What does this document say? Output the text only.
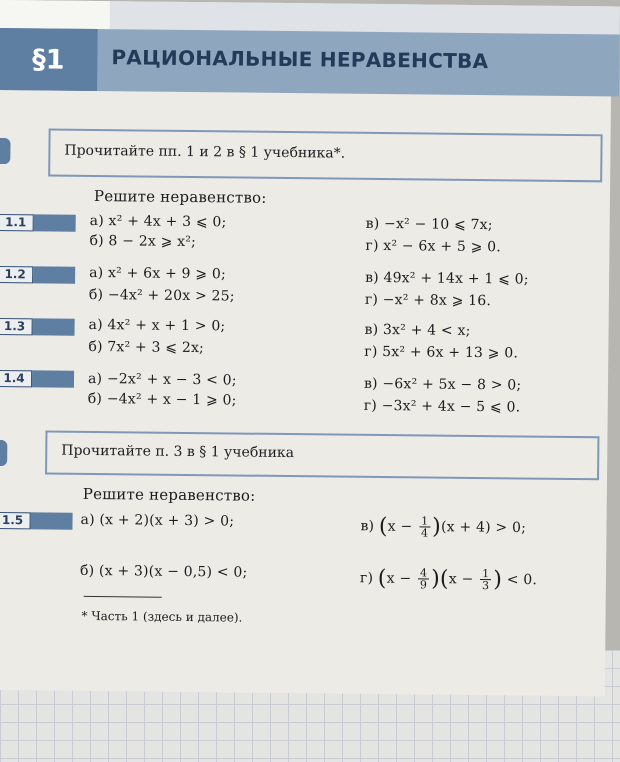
§1	РАЦИОНАЛЬНЫЕ НЕРАВЕНСТВА
Прочитайте пп. 1 и 2 в § 1 учебника*.
Решите неравенство:
1.1	а) x² + 4x + 3 ⩽ 0;
б) 8 − 2x ⩾ x²;
в) −x² − 10 ⩽ 7x;
г) x² − 6x + 5 ⩾ 0.
1.2	а) x² + 6x + 9 ⩾ 0;
б) −4x² + 20x > 25;
в) 49x² + 14x + 1 ⩽ 0;
г) −x² + 8x ⩾ 16.
1.3	а) 4x² + x + 1 > 0;
б) 7x² + 3 ⩽ 2x;
в) 3x² + 4 < x;
г) 5x² + 6x + 13 ⩾ 0.
1.4	а) −2x² + x − 3 < 0;
б) −4x² + x − 1 ⩾ 0;
в) −6x² + 5x − 8 > 0;
г) −3x² + 4x − 5 ⩽ 0.
Прочитайте п. 3 в § 1 учебника
Решите неравенство:
1.5	а) (x + 2)(x + 3) > 0;
б) (x + 3)(x − 0,5) < 0;
в) $(x - \frac{1}{4} )(x + 4) > 0$;
г) $(x - \frac{4}{9} )(x - \frac{1}{3}$ ) < 0.
* Часть 1 (здесь и далее).
